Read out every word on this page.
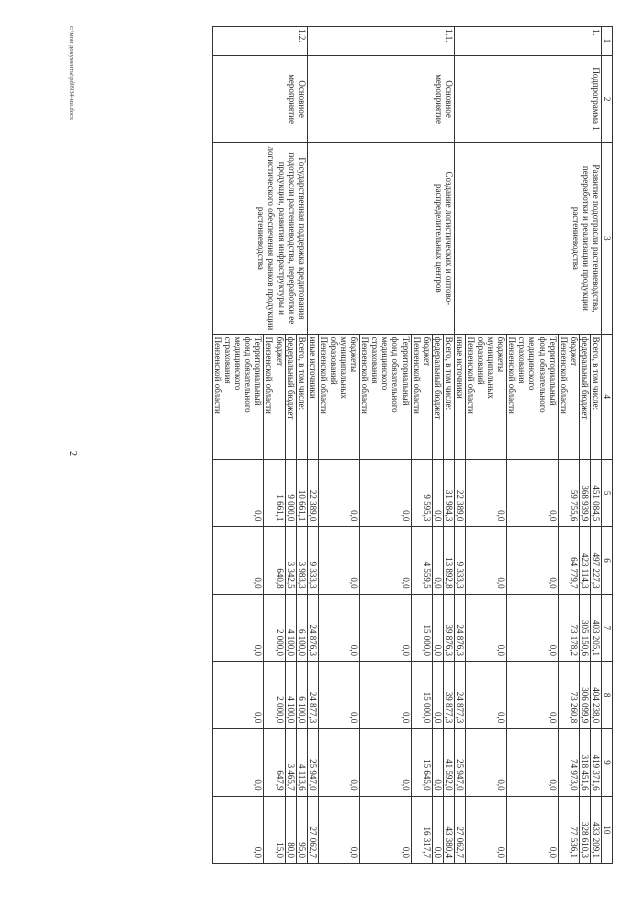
2
1	2	3	4	5	6	7	8	9	10
1.	Подпрограмма 1	Развитие подотрасли растениеводства, переработки и реализации продукции растениеводства	Всего, в том числе:	451 084,5	497 227,3	403 205,1	404 238,0	419 371,6	433 209,1

			федеральный бюджет	368 939,9	423 114,3	305 150,6	306 099,9	318 451,6	328 610,3

			бюджет
Пензенской области	59 755,6	64 779,7	73 178,2	73 260,8	74 973,0	77 536,1

			Территориальный
фонд обязательного
медицинского
страхования
Пензенской области	0,0	0,0	0,0	0,0	0,0	0,0

			бюджеты
муниципальных
образований
Пензенской области	0,0	0,0	0,0	0,0	0,0	0,0

			иные источники	22 389,0	9 333,3	24 876,3	24 877,3	25 947,0	27 062,7
1.1.	Основное мероприятие	Создание логистических и оптово-распределительных центров	Всего, в том числе:	31 984,3	13 892,8	39 876,3	39 877,3	41 592,0	43 380,4

			федеральный бюджет	0,0	0,0	0,0	0,0	0,0	0,0

			бюджет
Пензенской области	9 595,3	4 559,5	15 000,0	15 000,0	15 645,0	16 317,7

			Территориальный
фонд обязательного
медицинского
страхования
Пензенской области	0,0	0,0	0,0	0,0	0,0	0,0

			бюджеты
муниципальных
образований
Пензенской области	0,0	0,0	0,0	0,0	0,0	0,0

			иные источники	22 389,0	9 333,3	24 876,3	24 877,3	25 947,0	27 062,7
1.2.	Основное мероприятие	Государственная поддержка кредитования подотрасли растениеводства, переработки ее продукции, развития инфраструктуры и логистического обеспечения рынков продукции растениеводства	Всего, в том числе:	10 661,1	3 983,3	6 100,0	6 100,0	4 113,6	95,0

			федеральный бюджет	9 000,0	3 342,5	4 100,0	4 100,0	3 465,7	80,0

			бюджет
Пензенской области	1 661,1	640,8	2 000,0	2 000,0	647,9	15,0

			Территориальный
фонд обязательного
медицинского
страхования
Пензенской области	0,0	0,0	0,0	0,0	0,0	0,0
c:\мои документы\pd0934-ии.docx
